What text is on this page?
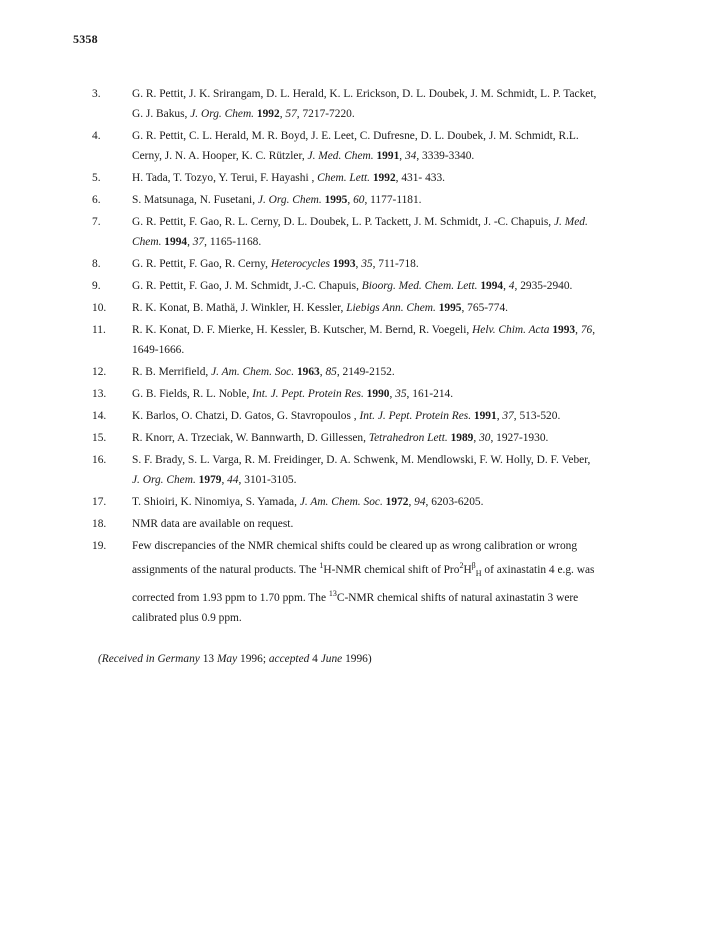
5358
3.	G. R. Pettit, J. K. Srirangam, D. L. Herald, K. L. Erickson, D. L. Doubek, J. M. Schmidt, L. P. Tacket,
G. J. Bakus, J. Org. Chem. 1992, 57, 7217-7220.
4.	G. R. Pettit, C. L. Herald, M. R. Boyd, J. E. Leet, C. Dufresne, D. L. Doubek, J. M. Schmidt, R.L.
Cerny, J. N. A. Hooper, K. C. Rützler, J. Med. Chem. 1991, 34, 3339-3340.
5.	H. Tada, T. Tozyo, Y. Terui, F. Hayashi , Chem. Lett. 1992, 431- 433.
6.	S. Matsunaga, N. Fusetani, J. Org. Chem. 1995, 60, 1177-1181.
7.	G. R. Pettit, F. Gao, R. L. Cerny, D. L. Doubek, L. P. Tackett, J. M. Schmidt, J. -C. Chapuis, J. Med.
Chem. 1994, 37, 1165-1168.
8.	G. R. Pettit, F. Gao, R. Cerny, Heterocycles 1993, 35, 711-718.
9.	G. R. Pettit, F. Gao, J. M. Schmidt, J.-C. Chapuis, Bioorg. Med. Chem. Lett. 1994, 4, 2935-2940.
10.	R. K. Konat, B. Mathä, J. Winkler, H. Kessler, Liebigs Ann. Chem. 1995, 765-774.
11.	R. K. Konat, D. F. Mierke, H. Kessler, B. Kutscher, M. Bernd, R. Voegeli, Helv. Chim. Acta 1993, 76,
1649-1666.
12.	R. B. Merrifield, J. Am. Chem. Soc. 1963, 85, 2149-2152.
13.	G. B. Fields, R. L. Noble, Int. J. Pept. Protein Res. 1990, 35, 161-214.
14.	K. Barlos, O. Chatzi, D. Gatos, G. Stavropoulos , Int. J. Pept. Protein Res. 1991, 37, 513-520.
15.	R. Knorr, A. Trzeciak, W. Bannwarth, D. Gillessen, Tetrahedron Lett. 1989, 30, 1927-1930.
16.	S. F. Brady, S. L. Varga, R. M. Freidinger, D. A. Schwenk, M. Mendlowski, F. W. Holly, D. F. Veber,
J. Org. Chem. 1979, 44, 3101-3105.
17.	T. Shioiri, K. Ninomiya, S. Yamada, J. Am. Chem. Soc. 1972, 94, 6203-6205.
18.	NMR data are available on request.
19.	Few discrepancies of the NMR chemical shifts could be cleared up as wrong calibration or wrong
assignments of the natural products. The $^1$H-NMR chemical shift of $Pro^2H^\beta_H$ of axinastatin 4 e.g. was
corrected from 1.93 ppm to 1.70 ppm. The $^{13}$C-NMR chemical shifts of natural axinastatin 3 were
calibrated plus 0.9 ppm.
(Received in Germany 13 May 1996; accepted 4 June 1996)
